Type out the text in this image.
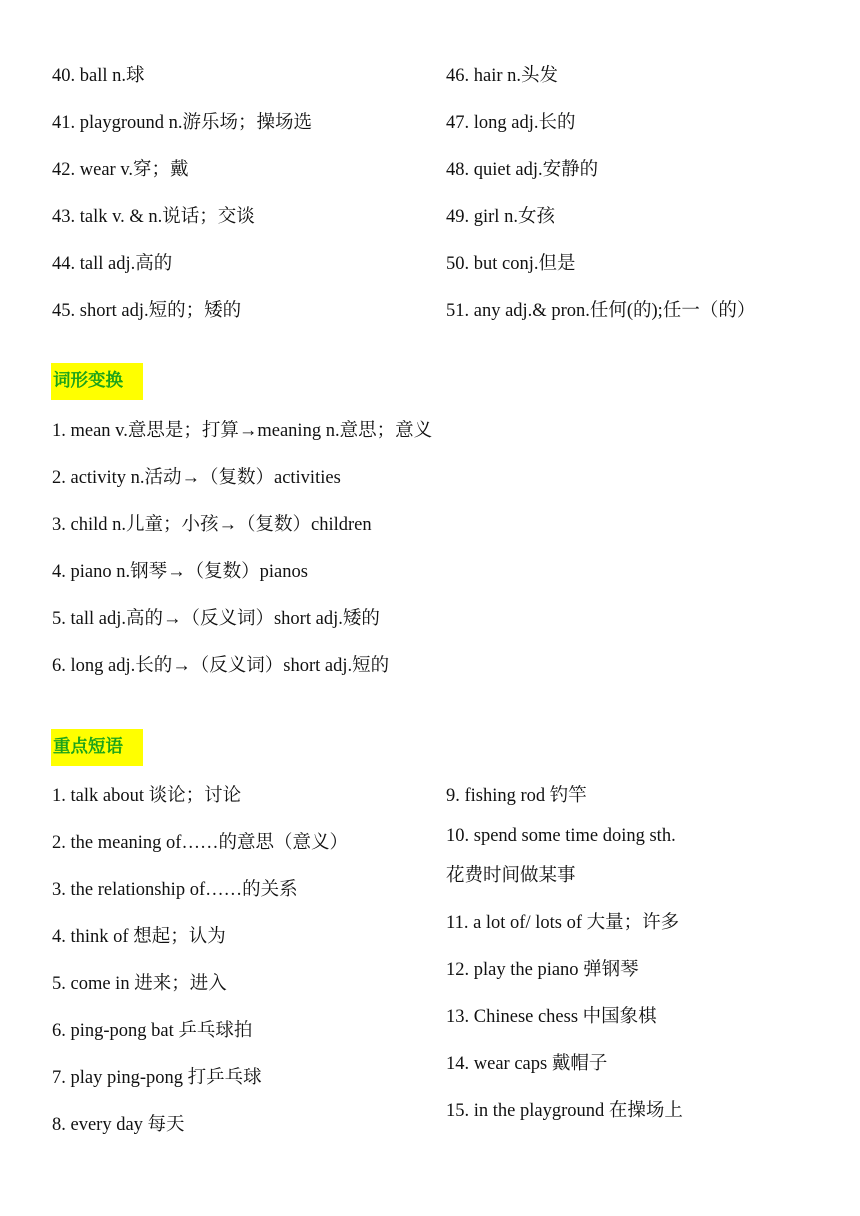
40. ball n.球

41. playground n.游乐场；操场选

42. wear v.穿；戴

43. talk v. & n.说话；交谈

44. tall adj.高的

45. short adj.短的；矮的

46. hair n.头发

47. long adj.长的

48. quiet adj.安静的

49. girl n.女孩

50. but conj.但是

51. any adj.& pron.任何(的);任一（的）

词形变换

1. mean v.意思是；打算→meaning n.意思；意义

2. activity n.活动→（复数）activities

3. child n.儿童；小孩→（复数）children

4. piano n.钢琴→（复数）pianos

5. tall adj.高的→（反义词）short adj.矮的

6. long adj.长的→（反义词）short adj.短的

重点短语

1. talk about 谈论；讨论

2. the meaning of……的意思（意义）

3. the relationship of……的关系

4. think of 想起；认为

5. come in 进来；进入

6. ping-pong bat 乒乓球拍

7. play ping-pong 打乒乓球

8. every day 每天

9. fishing rod 钓竿

10. spend some time doing sth.

花费时间做某事

11. a lot of/ lots of 大量；许多

12. play the piano 弹钢琴

13. Chinese chess 中国象棋

14. wear caps 戴帽子

15. in the playground 在操场上
